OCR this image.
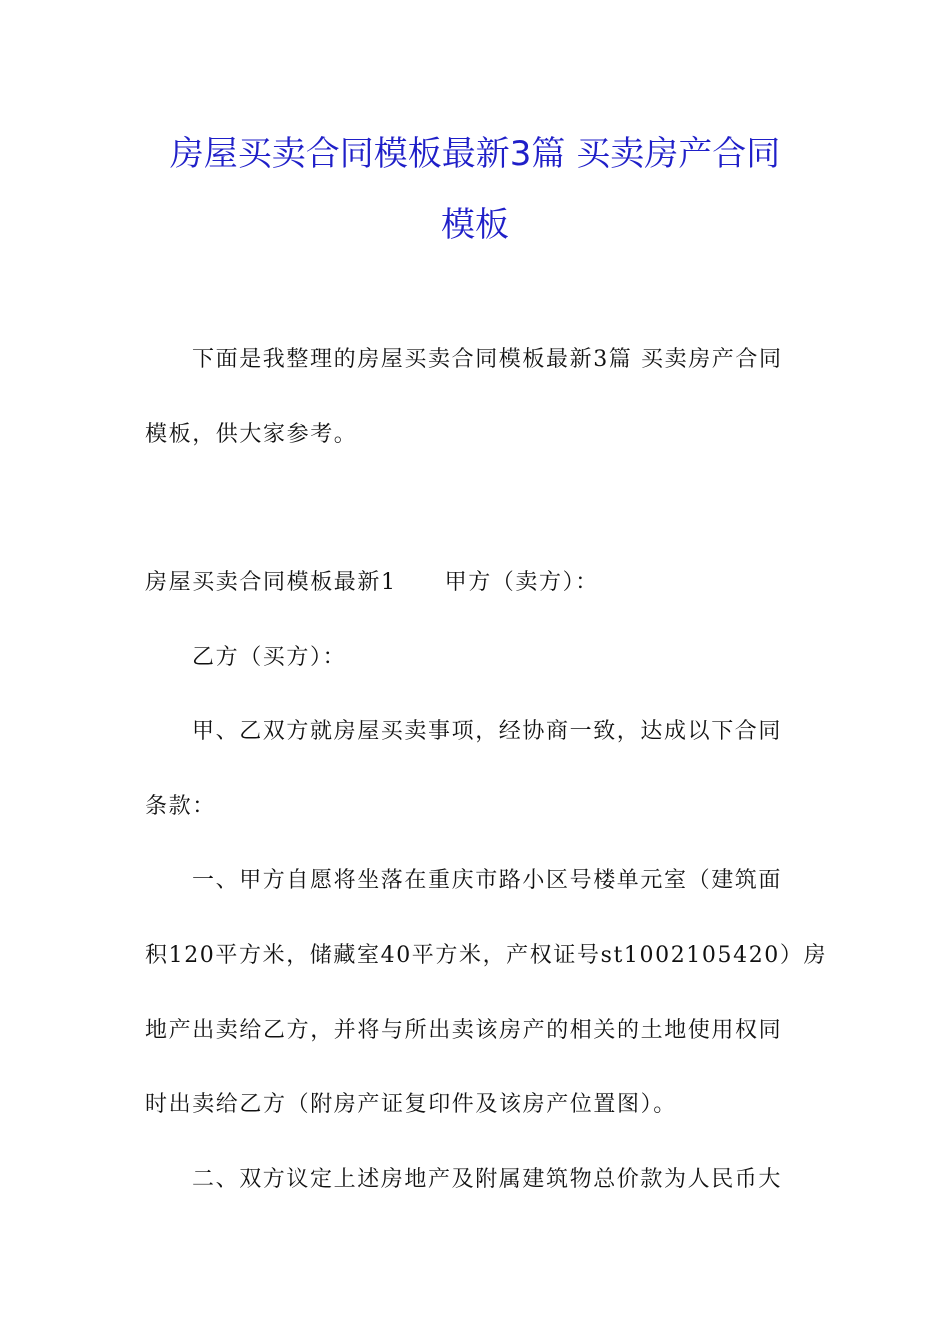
房屋买卖合同模板最新3篇 买卖房产合同
模板
下面是我整理的房屋买卖合同模板最新3篇 买卖房产合同
模板，供大家参考。
房屋买卖合同模板最新1 甲方（卖方）：
乙方（买方）：
甲、乙双方就房屋买卖事项，经协商一致，达成以下合同
条款：
一、甲方自愿将坐落在重庆市路小区号楼单元室（建筑面
积120平方米，储藏室40平方米，产权证号st1002105420）房
地产出卖给乙方，并将与所出卖该房产的相关的土地使用权同
时出卖给乙方（附房产证复印件及该房产位置图）。
二、双方议定上述房地产及附属建筑物总价款为人民币大
